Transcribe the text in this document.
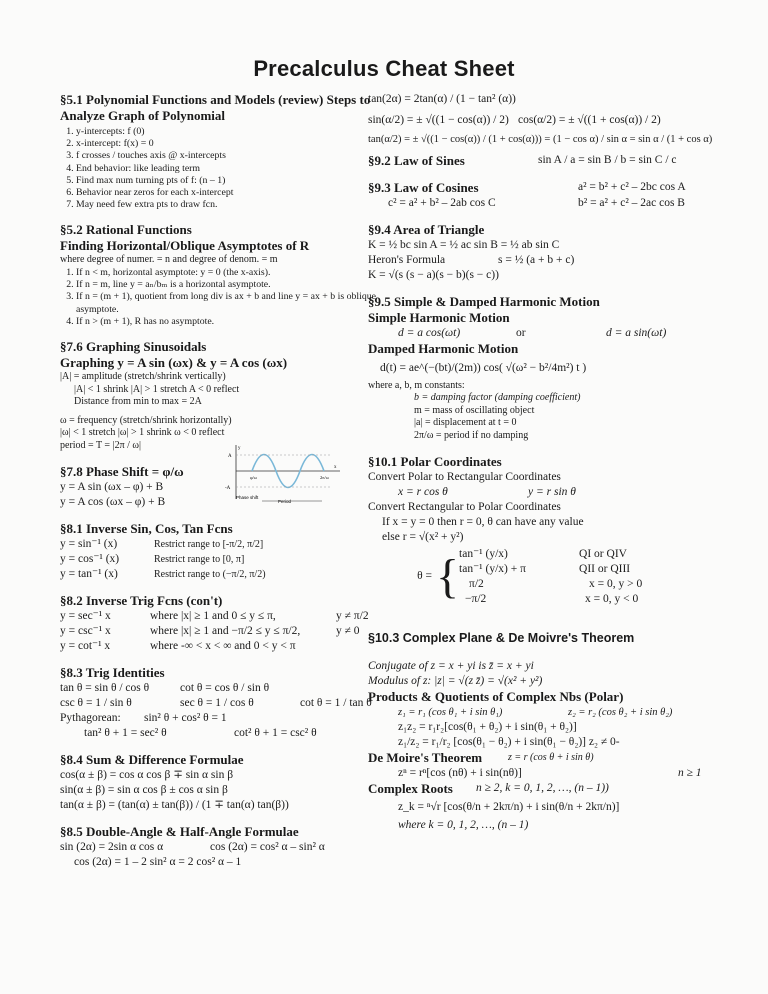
Precalculus Cheat Sheet

§5.1 Polynomial Functions and Models (review) Steps to Analyze Graph of Polynomial

1. y-intercepts: f (0)
2. x-intercept: f(x) = 0
3. f crosses / touches axis @ x-intercepts
4. End behavior: like leading term
5. Find max num turning pts of f: (n – 1)
6. Behavior near zeros for each x-intercept
7. May need few extra pts to draw fcn.

§5.2 Rational Functions

Finding Horizontal/Oblique Asymptotes of R

where degree of numer. = n and degree of denom. = m

1. If n < m, horizontal asymptote: y = 0 (the x-axis).
2. If n = m, line y = aₙ/bₘ is a horizontal asymptote.
3. If n = (m + 1), quotient from long div is ax + b and line y = ax + b is oblique asymptote.
4. If n > (m + 1), R has no asymptote.

§7.6 Graphing Sinusoidals

Graphing y = A sin (ωx) & y = A cos (ωx)

|A| = amplitude (stretch/shrink vertically)

|A| < 1 shrink |A| > 1 stretch A < 0 reflect

Distance from min to max = 2A

ω = frequency (stretch/shrink horizontally)

|ω| < 1 stretch |ω| > 1 shrink ω < 0 reflect

period = T = |2π / ω|

§7.8 Phase Shift = φ/ω

y = A sin (ωx – φ) + B

y = A cos (ωx – φ) + B

§8.1 Inverse Sin, Cos, Tan Fcns

y = sin⁻¹ (x)	Restrict range to [-π/2, π/2]
y = cos⁻¹ (x)	Restrict range to [0, π]
y = tan⁻¹ (x)	Restrict range to (−π/2, π/2)

§8.2 Inverse Trig Fcns (con't)

y = sec⁻¹ x	where |x| ≥ 1 and 0 ≤ y ≤ π,	y ≠ π/2
y = csc⁻¹ x	where |x| ≥ 1 and −π/2 ≤ y ≤ π/2,	y ≠ 0
y = cot⁻¹ x	where -∞ < x < ∞ and 0 < y < π

§8.3 Trig Identities

tan θ = sin θ / cos θ	cot θ = cos θ / sin θ
csc θ = 1 / sin θ	sec θ = 1 / cos θ	cot θ = 1 / tan θ
Pythagorean:	sin² θ + cos² θ = 1
tan² θ + 1 = sec² θ	cot² θ + 1 = csc² θ

§8.4 Sum & Difference Formulae

cos(α ± β) = cos α cos β ∓ sin α sin β

sin(α ± β) = sin α cos β ± cos α sin β

tan(α ± β) = (tan(α) ± tan(β)) / (1 ∓ tan(α) tan(β))

§8.5 Double-Angle & Half-Angle Formulae

sin (2α) = 2sin α cos α	cos (2α) = cos² α – sin² α

cos (2α) = 1 – 2 sin² α = 2 cos² α – 1

y
A
-A
x
Phase shift
Period
φ/ω	2π/ω

tan(2α) = 2tan(α) / (1 − tan² (α))

sin(α/2) = ± √((1 − cos(α)) / 2) cos(α/2) = ± √((1 + cos(α)) / 2)

tan(α/2) = ± √((1 − cos(α)) / (1 + cos(α))) = (1 − cos α) / sin α = sin α / (1 + cos α)

§9.2 Law of Sines	sin A / a = sin B / b = sin C / c
§9.3 Law of Cosines	a² = b² + c² – 2bc cos A
c² = a² + b² – 2ab cos C	b² = a² + c² – 2ac cos B

§9.4 Area of Triangle

K = ½ bc sin A = ½ ac sin B = ½ ab sin C

Heron's Formula	s = ½ (a + b + c)

K = √(s (s − a)(s − b)(s − c))

§9.5 Simple & Damped Harmonic Motion

Simple Harmonic Motion

d = a cos(ωt)	or	d = a sin(ωt)

Damped Harmonic Motion

d(t) = ae^(−(bt)/(2m)) cos( √(ω² − b²/4m²) t )

where a, b, m constants:

b = damping factor (damping coefficient)

m = mass of oscillating object

|a| = displacement at t = 0

2π/ω = period if no damping

§10.1 Polar Coordinates

Convert Polar to Rectangular Coordinates

x = r cos θ	y = r sin θ

Convert Rectangular to Polar Coordinates

If x = y = 0 then r = 0, θ can have any value

else r = √(x² + y²)

θ = { tan⁻¹ (y/x)	QI or QIV
tan⁻¹ (y/x) + π	QII or QIII
π/2	x = 0, y > 0
−π/2	x = 0, y < 0

§10.3 Complex Plane & De Moivre's Theorem

Conjugate of z = x + yi is z̄ = x + yi

Modulus of z: |z| = √(z z̄) = √(x² + y²)

Products & Quotients of Complex Nbs (Polar)

z₁ = r₁ (cos θ₁ + i sin θ₁)	z₂ = r₂ (cos θ₂ + i sin θ₂)

z₁z₂ = r₁r₂[cos(θ₁ + θ₂) + i sin(θ₁ + θ₂)]

z₁/z₂ = r₁/r₂ [cos(θ₁ − θ₂) + i sin(θ₁ − θ₂)] z₂ ≠ 0-

De Moire's Theorem	z = r (cos θ + i sin θ)
zⁿ = rⁿ[cos (nθ) + i sin(nθ)]	n ≥ 1
Complex Roots	n ≥ 2, k = 0, 1, 2, …, (n – 1))

z_k = ⁿ√r [cos(θ/n + 2kπ/n) + i sin(θ/n + 2kπ/n)]

where k = 0, 1, 2, …, (n – 1)
